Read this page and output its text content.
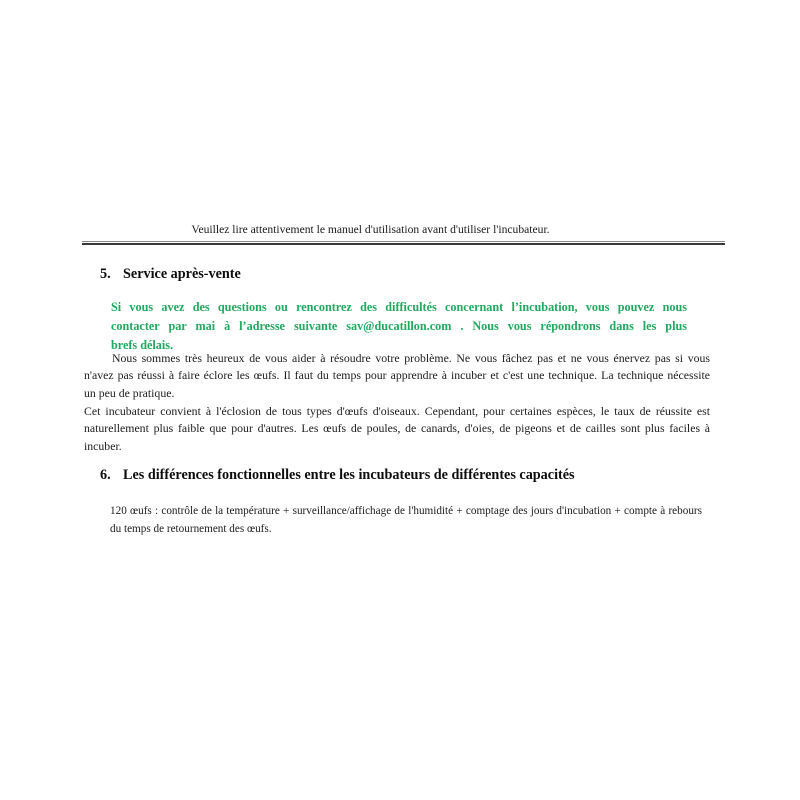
Veuillez lire attentivement le manuel d'utilisation avant d'utiliser l'incubateur.
5. Service après-vente
Si vous avez des questions ou rencontrez des difficultés concernant l’incubation, vous pouvez nous
contacter par mai à l’adresse suivante sav@ducatillon.com . Nous vous répondrons dans les plus
brefs délais.
Nous sommes très heureux de vous aider à résoudre votre problème. Ne vous fâchez pas et ne vous énervez pas si vous
n'avez pas réussi à faire éclore les œufs. Il faut du temps pour apprendre à incuber et c'est une technique. La technique nécessite
un peu de pratique.
Cet incubateur convient à l'éclosion de tous types d'œufs d'oiseaux. Cependant, pour certaines espèces, le taux de réussite est
naturellement plus faible que pour d'autres. Les œufs de poules, de canards, d'oies, de pigeons et de cailles sont plus faciles à
incuber.
6. Les différences fonctionnelles entre les incubateurs de différentes capacités
120 œufs : contrôle de la température + surveillance/affichage de l'humidité + comptage des jours d'incubation + compte à rebours
du temps de retournement des œufs.
